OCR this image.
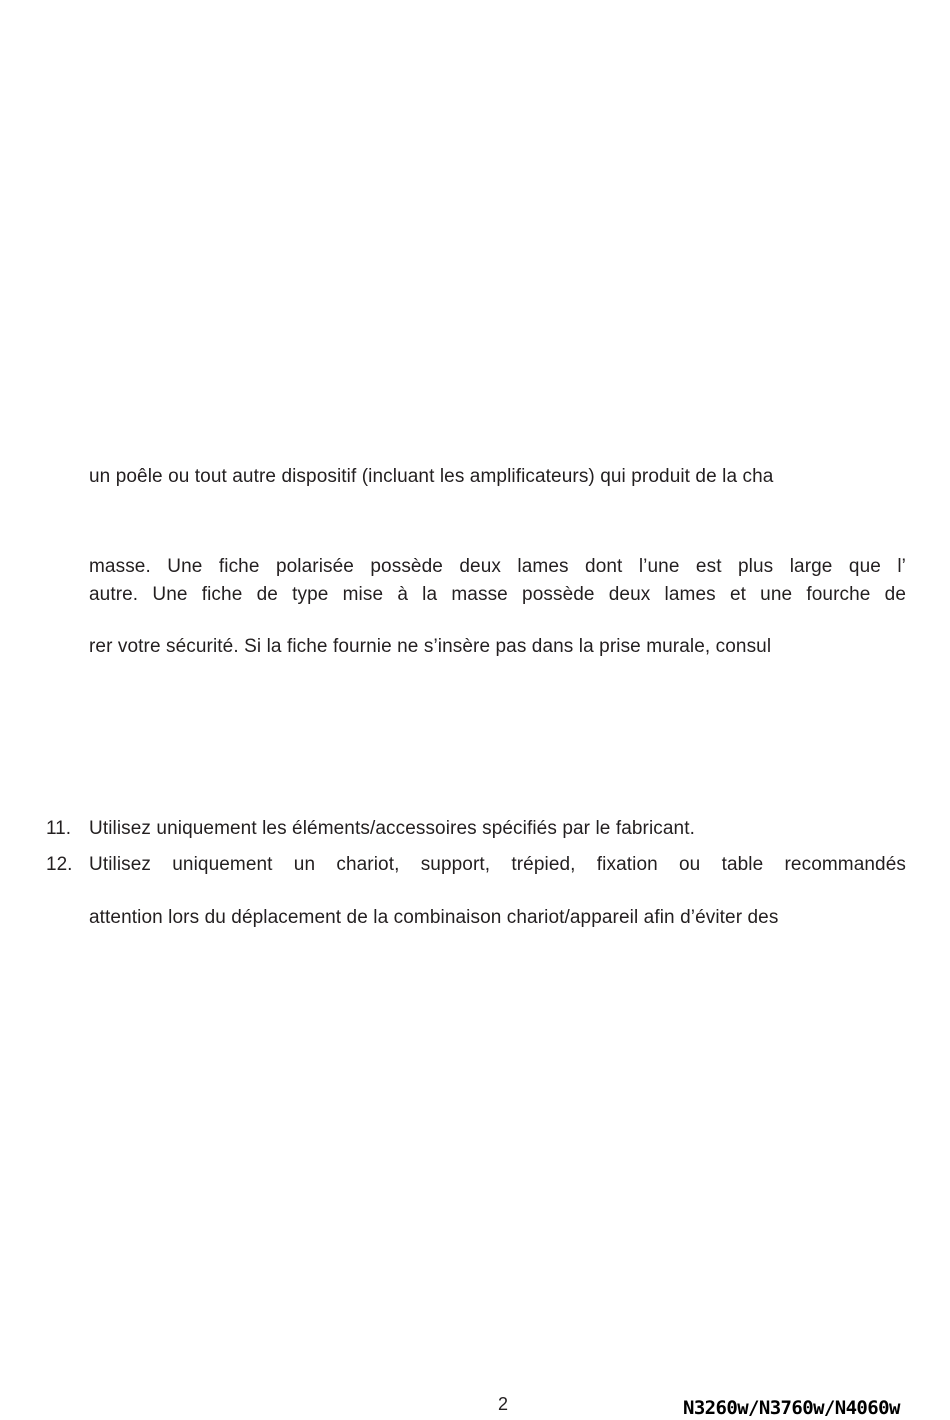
un poêle ou tout autre dispositif (incluant les amplificateurs) qui produit de la cha
masse. Une fiche polarisée possède deux lames dont l’une est plus large que l’
autre. Une fiche de type mise à la masse possède deux lames et une fourche de
rer votre sécurité. Si la fiche fournie ne s’insère pas dans la prise murale, consul
11. Utilisez uniquement les éléments/accessoires spécifiés par le fabricant.
12. Utilisez uniquement un chariot, support, trépied, fixation ou table recommandés
attention lors du déplacement de la combinaison chariot/appareil afin d’éviter des
2	N3260w/N3760w/N4060w
